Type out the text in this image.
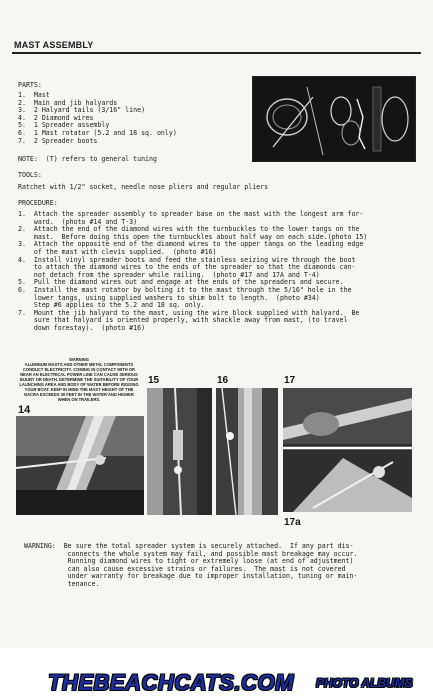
MAST ASSEMBLY
PARTS:
1.  Mast
2.  Main and jib halyards
3.  2 Halyard tails (3/16" line)
4.  2 Diamond wires
5.  1 Spreader assembly
6.  1 Mast rotator (5.2 and 18 sq. only)
7.  2 Spreader boots
NOTE:  (T) refers to general tuning
TOOLS:
Ratchet with 1/2" socket, needle nose pliers and regular pliers
PROCEDURE:
1.  Attach the spreader assembly to spreader base on the mast with the longest arm for-
ward.  (photo #14 and T-3)
2.  Attach the end of the diamond wires with the turnbuckles to the lower tangs on the
mast.  Before doing this open the turnbuckles about half way on each side.(photo 15)
3.  Attach the opposite end of the diamond wires to the upper tangs on the leading edge
of the mast with clevis supplied.  (photo #16)
4.  Install vinyl spreader boots and feed the stainless seizing wire through the boot
to attach the diamond wires to the ends of the spreader so that the diamonds can-
not detach from the spreader while railing.  (photo #17 and 17A and T-4)
5.  Pull the diamond wires out and engage at the ends of the spreaders and secure.
6.  Install the mast rotator by bolting it to the mast through the 5/16" hole in the
lower tangs, using supplied washers to shim bolt to length.  (photo #34)
Step #6 applies to the 5.2 and 18 sq. only.
7.  Mount the jib halyard to the mast, using the wire block supplied with halyard.  Be
sure that halyard is oriented properly, with shackle away from mast, (to travel
down forestay).  (photo #16)
WARNING
ALUMINUM MASTS AND OTHER METAL COMPONENTS CONDUCT ELECTRICITY. COMING IN CONTACT WITH OR NEAR AN ELECTRICAL POWER LINE CAN CAUSE SERIOUS INJURY OR DEATH. DETERMINE THE SUITABILITY OF YOUR LAUNCHING AREA AND BODY OF WATER BEFORE RIGGING YOUR BOAT. KEEP IN MIND THE MAST HEIGHT OF THE NACRA EXCEEDS 30 FEET IN THE WATER AND HIGHER WHEN ON TRAILERS.
14
15	16	17
17a
WARNING:  Be sure the total spreader system is securely attached.  If any part dis-
connects the whole system may fail, and possible mast breakage may occur.
Running diamond wires to tight or extremely loose (at end of adjustment)
can also cause excessive strains or failures.  The mast is not covered
under warranty for breakage due to improper installation, tuning or main-
tenance.
THEBEACHCATS.COM PHOTO ALBUMS
